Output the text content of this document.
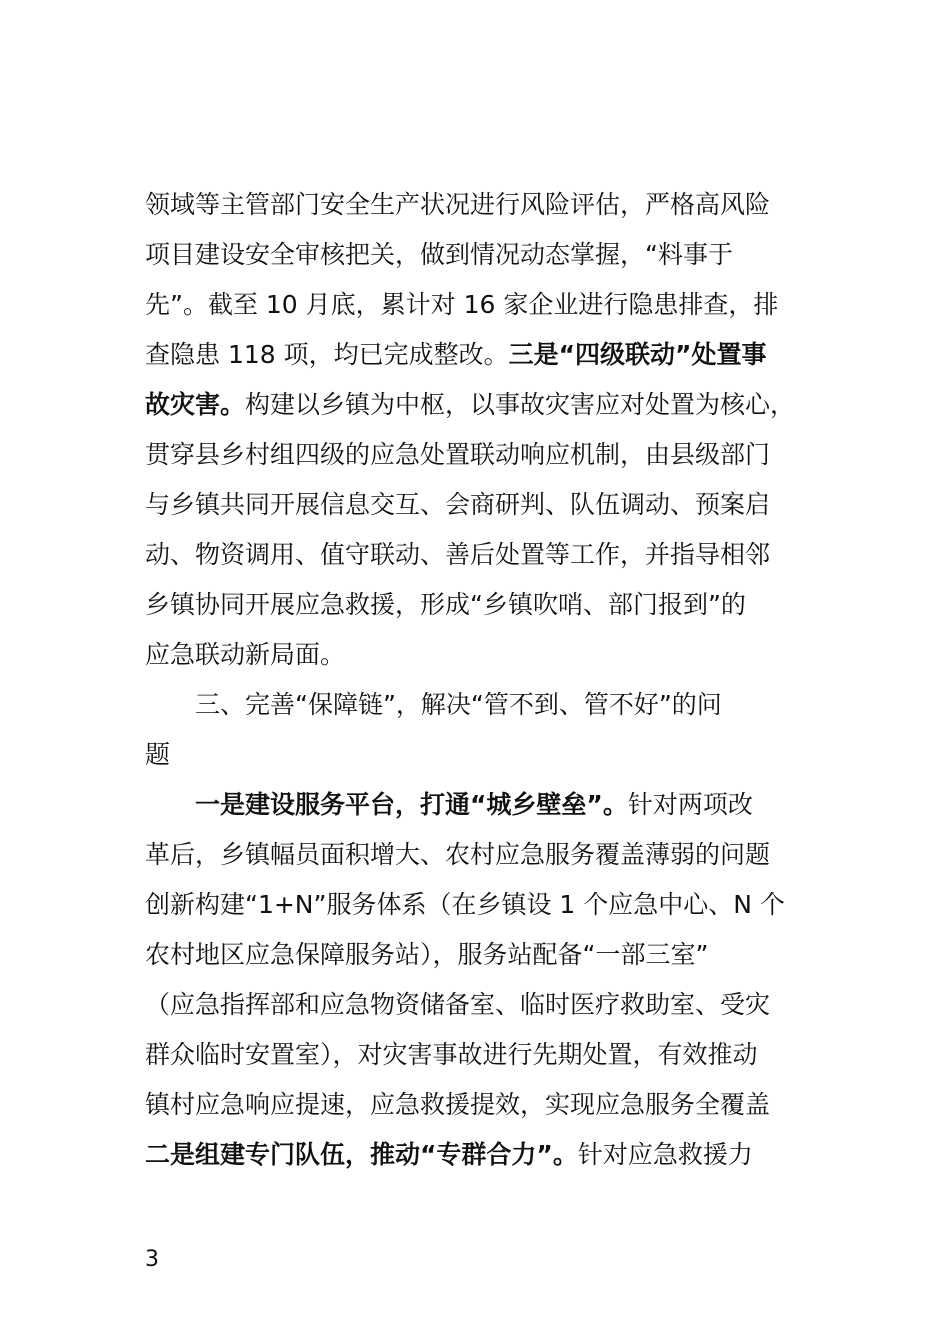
领域等主管部门安全生产状况进行风险评估，严格高风险
项目建设安全审核把关，做到情况动态掌握，“料事于
先”。截至 10 月底，累计对 16 家企业进行隐患排查，排
查隐患 118 项，均已完成整改。三是“四级联动”处置事
故灾害。构建以乡镇为中枢，以事故灾害应对处置为核心，
贯穿县乡村组四级的应急处置联动响应机制，由县级部门
与乡镇共同开展信息交互、会商研判、队伍调动、预案启
动、物资调用、值守联动、善后处置等工作，并指导相邻
乡镇协同开展应急救援，形成“乡镇吹哨、部门报到”的
应急联动新局面。
三、完善“保障链”，解决“管不到、管不好”的问
题
一是建设服务平台，打通“城乡壁垒”。针对两项改
革后，乡镇幅员面积增大、农村应急服务覆盖薄弱的问题
创新构建“1+N”服务体系（在乡镇设 1 个应急中心、N 个
农村地区应急保障服务站），服务站配备“一部三室”
（应急指挥部和应急物资储备室、临时医疗救助室、受灾
群众临时安置室），对灾害事故进行先期处置，有效推动
镇村应急响应提速，应急救援提效，实现应急服务全覆盖
二是组建专门队伍，推动“专群合力”。针对应急救援力
3
